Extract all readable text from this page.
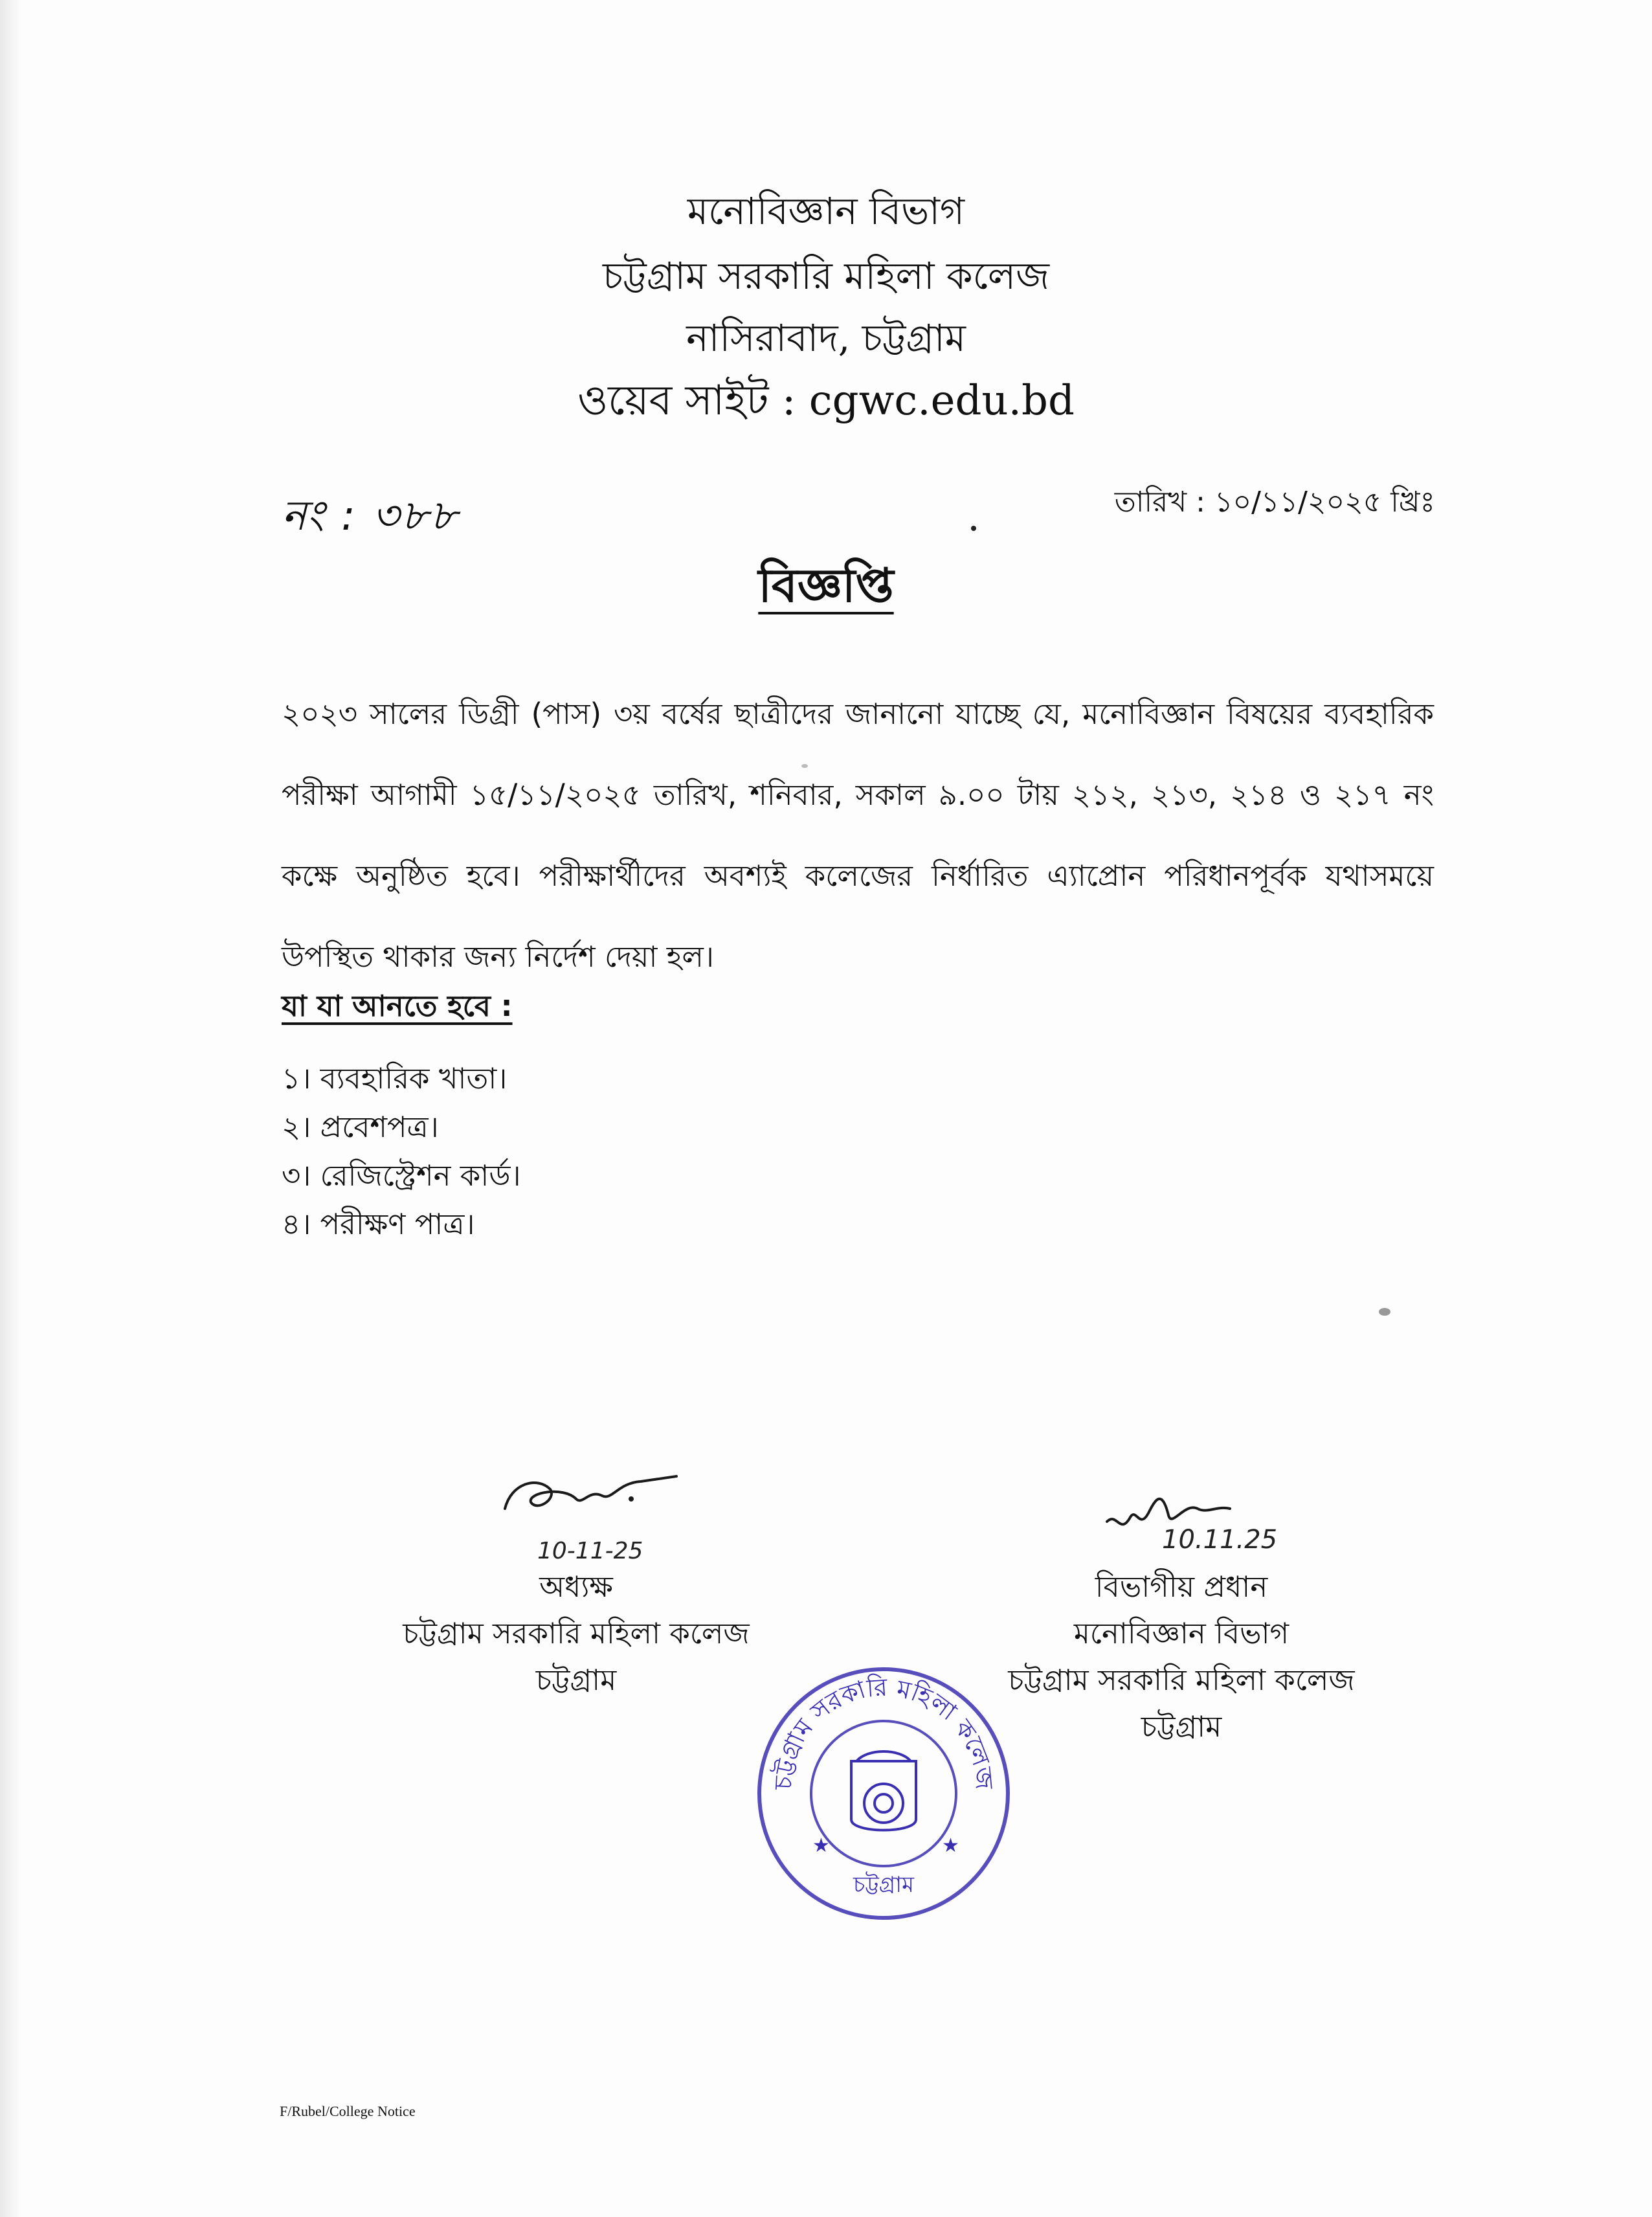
মনোবিজ্ঞান বিভাগ
চট্টগ্রাম সরকারি মহিলা কলেজ
নাসিরাবাদ, চট্টগ্রাম
ওয়েব সাইট : cgwc.edu.bd
নং : ৩৮৮	তারিখ : ১০/১১/২০২৫ খ্রিঃ
বিজ্ঞপ্তি
২০২৩ সালের ডিগ্রী (পাস) ৩য় বর্ষের ছাত্রীদের জানানো যাচ্ছে যে, মনোবিজ্ঞান বিষয়ের ব্যবহারিক পরীক্ষা আগামী ১৫/১১/২০২৫ তারিখ, শনিবার, সকাল ৯.০০ টায় ২১২, ২১৩, ২১৪ ও ২১৭ নং কক্ষে অনুষ্ঠিত হবে। পরীক্ষার্থীদের অবশ্যই কলেজের নির্ধারিত এ্যাপ্রোন পরিধানপূর্বক যথাসময়ে উপস্থিত থাকার জন্য নির্দেশ দেয়া হল।
যা যা আনতে হবে :
১। ব্যবহারিক খাতা।
২। প্রবেশপত্র।
৩। রেজিস্ট্রেশন কার্ড।
৪। পরীক্ষণ পাত্র।
10-11-25
অধ্যক্ষ
চট্টগ্রাম সরকারি মহিলা কলেজ
চট্টগ্রাম
10.11.25
বিভাগীয় প্রধান
মনোবিজ্ঞান বিভাগ
চট্টগ্রাম সরকারি মহিলা কলেজ
চট্টগ্রাম
চট্টগ্রাম সরকারি মহিলা কলেজ
★	★
চট্টগ্রাম
F/Rubel/College Notice
